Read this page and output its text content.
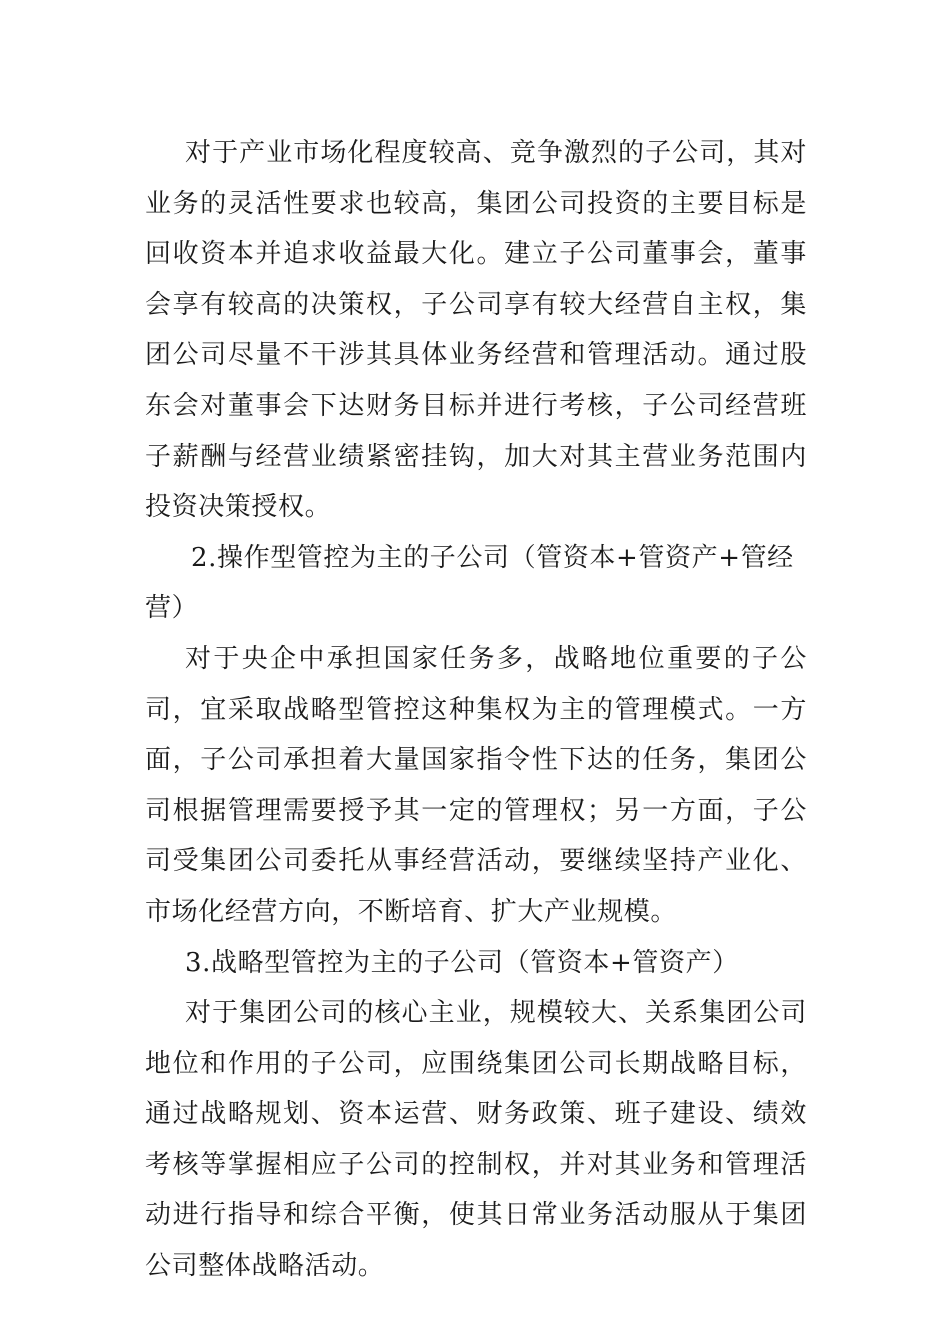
对于产业市场化程度较高、竞争激烈的子公司，其对业务的灵活性要求也较高，集团公司投资的主要目标是回收资本并追求收益最大化。建立子公司董事会，董事会享有较高的决策权，子公司享有较大经营自主权，集团公司尽量不干涉其具体业务经营和管理活动。通过股东会对董事会下达财务目标并进行考核，子公司经营班子薪酬与经营业绩紧密挂钩，加大对其主营业务范围内投资决策授权。

2.操作型管控为主的子公司（管资本+管资产+管经营）

对于央企中承担国家任务多，战略地位重要的子公司，宜采取战略型管控这种集权为主的管理模式。一方面，子公司承担着大量国家指令性下达的任务，集团公司根据管理需要授予其一定的管理权；另一方面，子公司受集团公司委托从事经营活动，要继续坚持产业化、市场化经营方向，不断培育、扩大产业规模。

3.战略型管控为主的子公司（管资本+管资产）

对于集团公司的核心主业，规模较大、关系集团公司地位和作用的子公司，应围绕集团公司长期战略目标，通过战略规划、资本运营、财务政策、班子建设、绩效考核等掌握相应子公司的控制权，并对其业务和管理活动进行指导和综合平衡，使其日常业务活动服从于集团公司整体战略活动。
